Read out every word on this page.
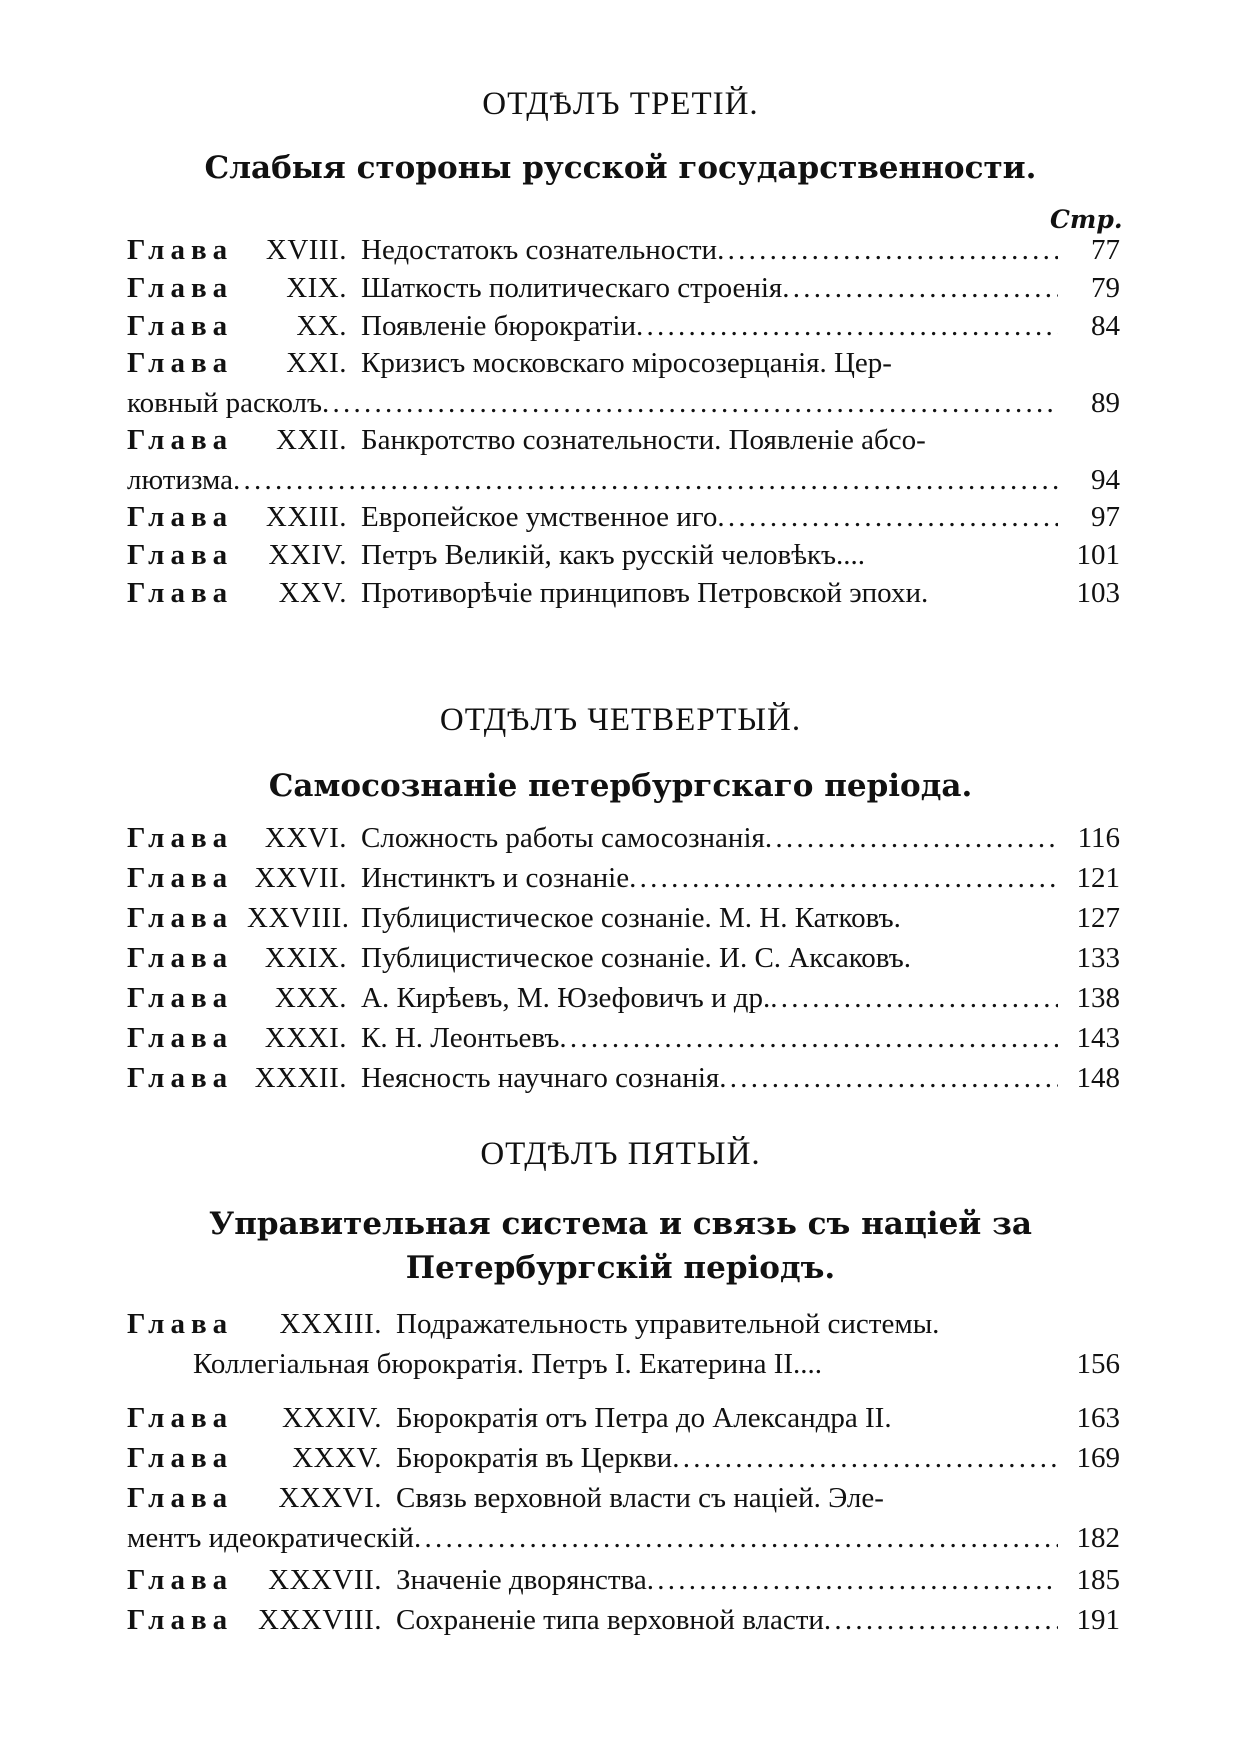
ОТДѢЛЪ ТРЕТІЙ.
Слабыя стороны русской государственности.
Стр.
Глава	XVIII. Недостатокъ сознательности . . .	77
Глава	XIX. Шаткость политическаго строенія . . .	79
Глава	XX. Появленіе бюрократіи . . .	84
Глава	XXI. Кризисъ московскаго міросозерцанія. Цер-
ковный расколъ . . .	89
Глава	XXII. Банкротство сознательности. Появленіе абсо-
лютизма . . .	94
Глава	XXIII. Европейское умственное иго . . .	97
Глава	XXIV. Петръ Великій, какъ русскій человѣкъ....	101
Глава	XXV. Противорѣчіе принциповъ Петровской эпохи.	103
ОТДѢЛЪ ЧЕТВЕРТЫЙ.
Самосознаніе петербургскаго періода.
Глава	XXVI. Сложность работы самосознанія . . .	116
Глава XXVII. Инстинктъ и сознаніе . . .	121
Глава XXVIII. Публицистическое сознаніе. М. Н. Катковъ.	127
Глава	XXIX. Публицистическое сознаніе. И. С. Аксаковъ.	133
Глава	XXX. А. Кирѣевъ, М. Юзефовичъ и др. . . .	138
Глава	XXXI. К. Н. Леонтьевъ . . .	143
Глава XXXII. Неясность научнаго сознанія . . .	148
ОТДѢЛЪ ПЯТЫЙ.
Управительная система и связь съ націей за
Петербургскій періодъ.
Глава	XXXIII. Подражательность управительной системы.
Коллегіальная бюрократія. Петръ I. Екатерина II....	156
Глава	XXXIV. Бюрократія отъ Петра до Александра II.	163
Глава	XXXV. Бюрократія въ Церкви . . .	169
Глава	XXXVI. Связь верховной власти съ націей. Эле-
ментъ идеократическій . . .	182
Глава	XXXVII. Значеніе дворянства . . .	185
Глава XXXVIII. Сохраненіе типа верховной власти . . .	191
